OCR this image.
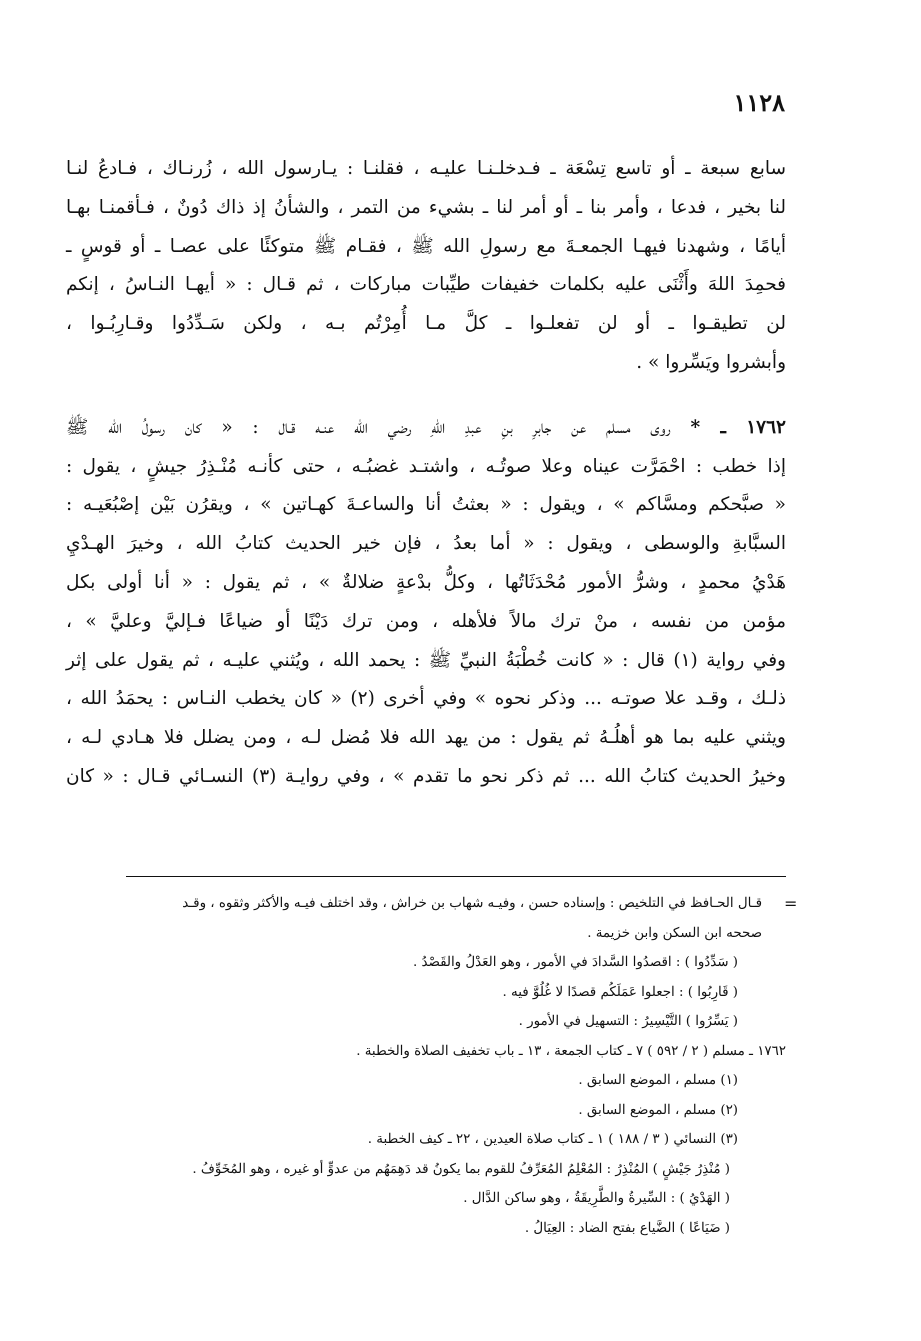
١١٢٨
سابع سبعة ـ أو تاسع تِسْعَة ـ فـدخلـنـا عليـه ، فقلنـا : يـارسول الله ، زُرنـاك ، فـادعُ لنـا
لنا بخير ، فدعا ، وأمر بنا ـ أو أمر لنا ـ بشيء من التمر ، والشأنُ إذ ذاك دُونٌ ، فـأقمنـا بهـا
أيامًا ، وشهدنا فيهـا الجمعـةَ مع رسولِ الله ﷺ ، فقـام ﷺ متوكئًا على عصـا ـ أو قوسٍ ـ
فحمِدَ اللهَ وأَثْنَى عليه بكلمات خفيفات طيِّبات مباركات ، ثم قـال : « أيهـا النـاسُ ، إنكم
لن تطيقـوا ـ أو لن تفعلـوا ـ كلَّ مـا أُمِرْتُم بـه ، ولكن سَـدِّدُوا وقـارِبُـوا ،
وأبشروا ويَسِّروا » .
١٧٦٢ ـ * روى مسلم عن جابرِ بنِ عبدِ اللهِ رضي الله عنـه قـال : « كان رسولُ الله ﷺ
إذا خطب : احْمَرَّت عيناه وعلا صوتُـه ، واشتـد غضبُـه ، حتى كأنـه مُنْـذِرُ جيشٍ ، يقول :
« صبَّحكم ومسَّاكم » ، ويقول : « بعثتُ أنا والساعـةَ كهـاتين » ، ويقرُن بَيْن إصْبُعَيـه :
السبَّابةِ والوسطى ، ويقول : « أما بعدُ ، فإن خير الحديث كتابُ الله ، وخيرَ الهـدْيِ
هَدْيُ محمدٍ ، وشرُّ الأمور مُحْدَثَاتُها ، وكلُّ بدْعةٍ ضلالةٌ » ، ثم يقول : « أنا أولى بكل
مؤمن من نفسه ، منْ ترك مالاً فلأهله ، ومن ترك دَيْنًا أو ضياعًا فـإليَّ وعليَّ » ،
وفي رواية (١) قال : « كانت خُطْبَةُ النبيِّ ﷺ : يحمد الله ، ويُثني عليـه ، ثم يقول على إثر
ذلـك ، وقـد علا صوتـه ... وذكر نحوه » وفي أخرى (٢) « كان يخطب النـاس : يحمَدُ الله ،
ويثني عليه بما هو أهلُـهُ ثم يقول : من يهد الله فلا مُضل لـه ، ومن يضلل فلا هـادي لـه ،
وخيرُ الحديث كتابُ الله ... ثم ذكر نحو ما تقدم » ، وفي روايـة (٣) النسـائي قـال : « كان
=
قـال الحـافظ في التلخيص : وإسناده حسن ، وفيـه شهاب بن خراش ، وقد اختلف فيـه والأكثر وثقوه ، وقـد
صححه ابن السكن وابن خزيمة .
( سَدِّدُوا ) : اقصدُوا السَّدادَ في الأمور ، وهو العَدْلُ والقَصْدُ .
( قَارِبُوا ) : اجعلوا عَمَلَكُم قصدًا لا غُلُوَّ فيه .
( يَسِّرُوا ) التَّيْسِيرُ : التسهيل في الأمور .
١٧٦٢ ـ مسلم ( ٢ / ٥٩٢ ) ٧ ـ كتاب الجمعة ، ١٣ ـ باب تخفيف الصلاة والخطبة .
(١) مسلم ، الموضع السابق .
(٢) مسلم ، الموضع السابق .
(٣) النسائي ( ٣ / ١٨٨ ) ١ ـ كتاب صلاة العيدين ، ٢٢ ـ كيف الخطبة .
( مُنْذِرُ جَيْشٍ ) المُنْذِرُ : المُعْلِمُ المُعَرِّفُ للقوم بما يكونُ قد دَهِمَهُم من عدوٍّ أو غيره ، وهو المُخَوِّفُ .
( الهَدْيُ ) : السِّيرةُ والطَّرِيقَةُ ، وهو ساكن الدَّال .
( ضَيَاعًا ) الضَّياع بفتح الضاد : العِيَالُ .
